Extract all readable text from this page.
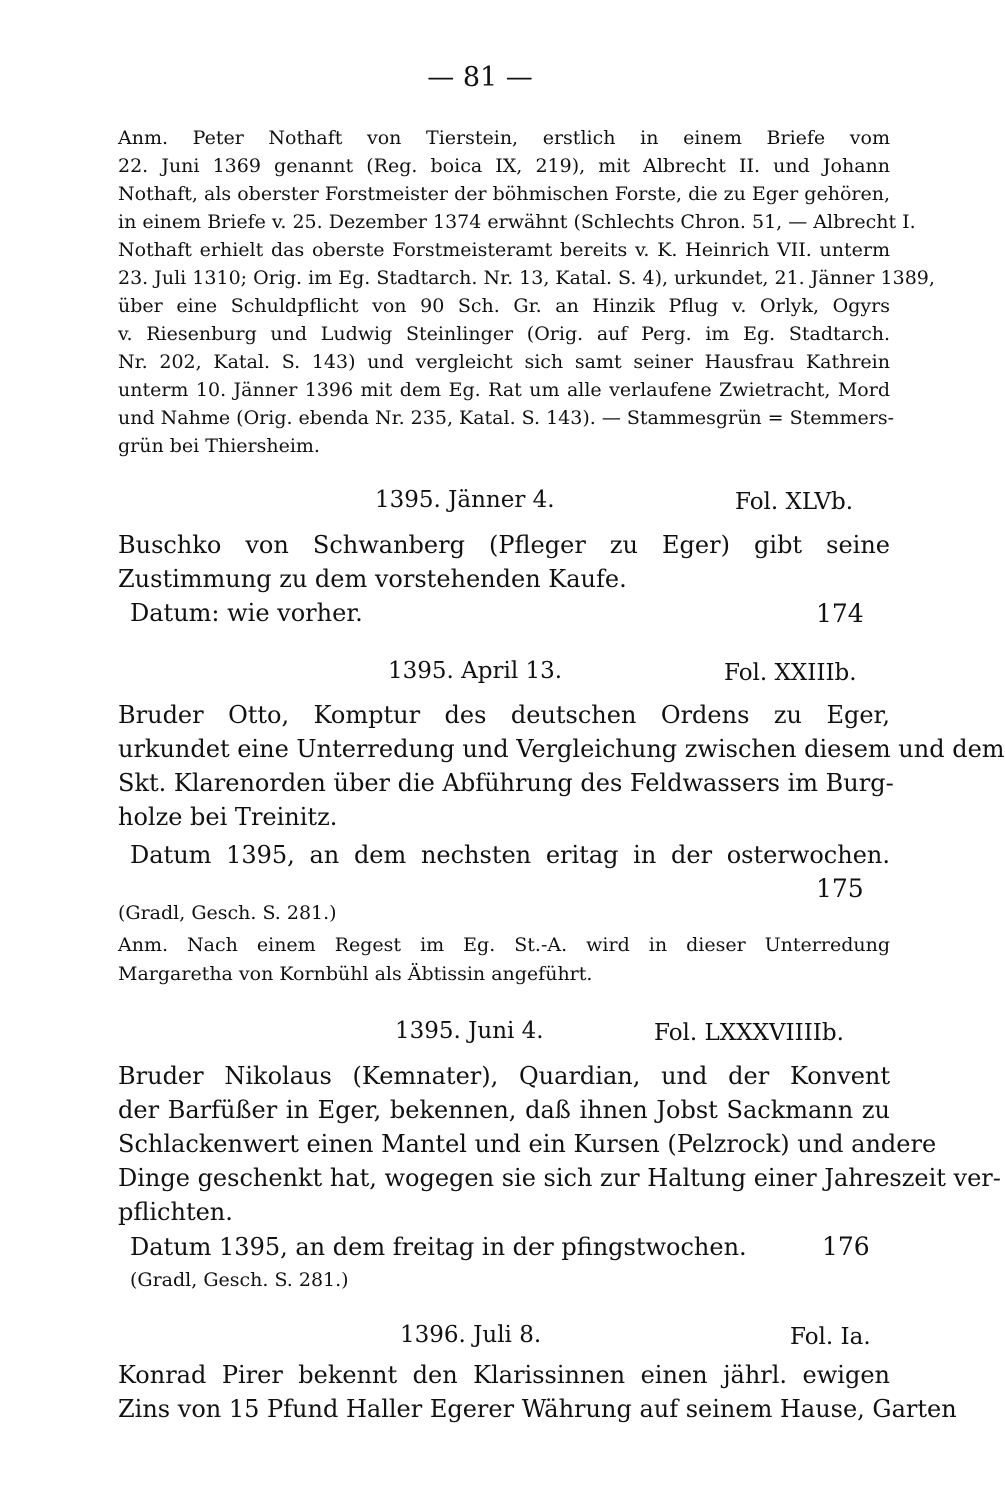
— 81 —
Anm. Peter Nothaft von Tierstein, erstlich in einem Briefe vom
22. Juni 1369 genannt (Reg. boica IX, 219), mit Albrecht II. und Johann
Nothaft, als oberster Forstmeister der böhmischen Forste, die zu Eger gehören,
in einem Briefe v. 25. Dezember 1374 erwähnt (Schlechts Chron. 51, — Albrecht I.
Nothaft erhielt das oberste Forstmeisteramt bereits v. K. Heinrich VII. unterm
23. Juli 1310; Orig. im Eg. Stadtarch. Nr. 13, Katal. S. 4), urkundet, 21. Jänner 1389,
über eine Schuldpflicht von 90 Sch. Gr. an Hinzik Pflug v. Orlyk, Ogyrs
v. Riesenburg und Ludwig Steinlinger (Orig. auf Perg. im Eg. Stadtarch.
Nr. 202, Katal. S. 143) und vergleicht sich samt seiner Hausfrau Kathrein
unterm 10. Jänner 1396 mit dem Eg. Rat um alle verlaufene Zwietracht, Mord
und Nahme (Orig. ebenda Nr. 235, Katal. S. 143). — Stammesgrün = Stemmers-
grün bei Thiersheim.
1395. Jänner 4.	Fol. XLVb.
Buschko von Schwanberg (Pfleger zu Eger) gibt seine
Zustimmung zu dem vorstehenden Kaufe.
Datum: wie vorher.	174
1395. April 13.	Fol. XXIIIb.
Bruder Otto, Komptur des deutschen Ordens zu Eger,
urkundet eine Unterredung und Vergleichung zwischen diesem und dem
Skt. Klarenorden über die Abführung des Feldwassers im Burg-
holze bei Treinitz.
Datum 1395, an dem nechsten eritag in der osterwochen.
175
(Gradl, Gesch. S. 281.)
Anm. Nach einem Regest im Eg. St.-A. wird in dieser Unterredung
Margaretha von Kornbühl als Äbtissin angeführt.
1395. Juni 4.	Fol. LXXXVIIIIb.
Bruder Nikolaus (Kemnater), Quardian, und der Konvent
der Barfüßer in Eger, bekennen, daß ihnen Jobst Sackmann zu
Schlackenwert einen Mantel und ein Kursen (Pelzrock) und andere
Dinge geschenkt hat, wogegen sie sich zur Haltung einer Jahreszeit ver-
pflichten.
Datum 1395, an dem freitag in der pfingstwochen.	176
(Gradl, Gesch. S. 281.)
1396. Juli 8.	Fol. Ia.
Konrad Pirer bekennt den Klarissinnen einen jährl. ewigen
Zins von 15 Pfund Haller Egerer Währung auf seinem Hause, Garten
